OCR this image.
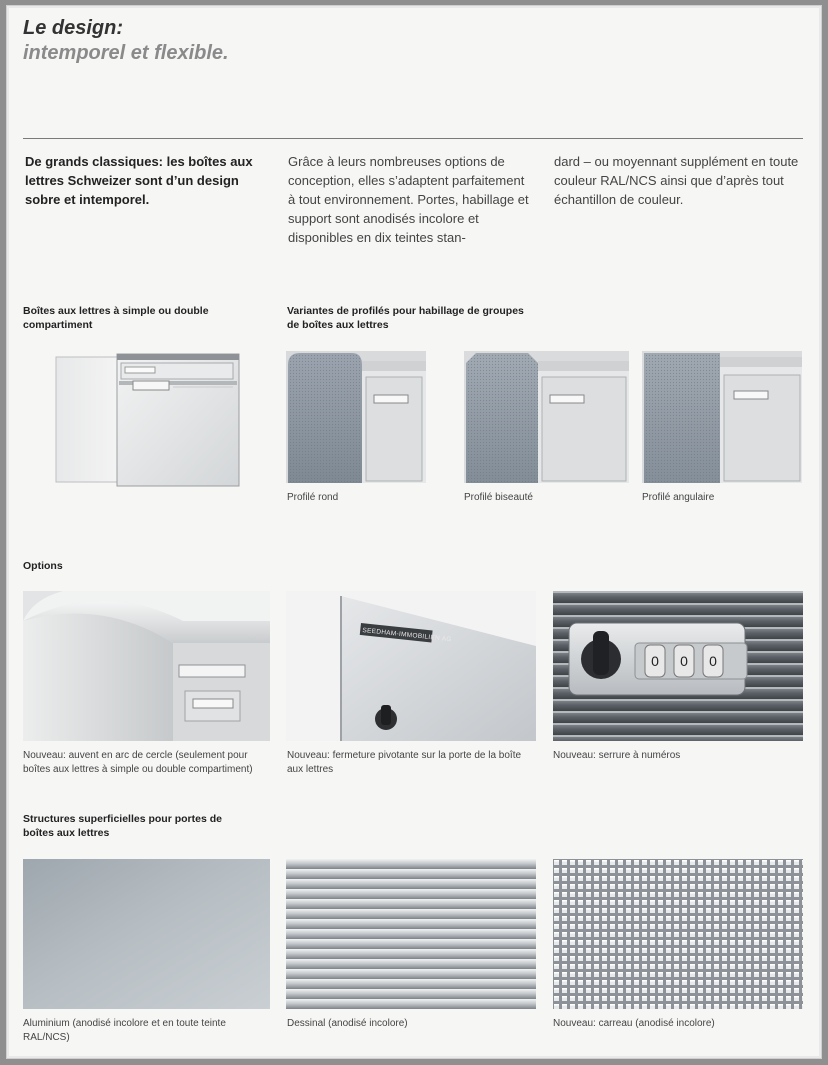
Le design:
intemporel et flexible.
De grands classiques: les boîtes aux lettres Schweizer sont d’un design sobre et intemporel.
Grâce à leurs nombreuses options de conception, elles s’adaptent parfaitement à tout environnement. Portes, habillage et support sont anodisés incolore et disponibles en dix teintes stan-
dard – ou moyennant supplément en toute couleur RAL/NCS ainsi que d’après tout échantillon de couleur.
Boîtes aux lettres à simple ou double compartiment
Variantes de profilés pour habillage de groupes de boîtes aux lettres
Profilé rond	Profilé biseauté	Profilé angulaire
Options
SEEDHAM-IMMOBILIEN AG
0 0 0
Nouveau: auvent en arc de cercle (seulement pour boîtes aux lettres à simple ou double compartiment)
Nouveau: fermeture pivotante sur la porte de la boîte aux lettres
Nouveau: serrure à numéros
Structures superficielles pour portes de boîtes aux lettres
Aluminium (anodisé incolore et en toute teinte RAL/NCS)
Dessinal (anodisé incolore)	Nouveau: carreau (anodisé incolore)
